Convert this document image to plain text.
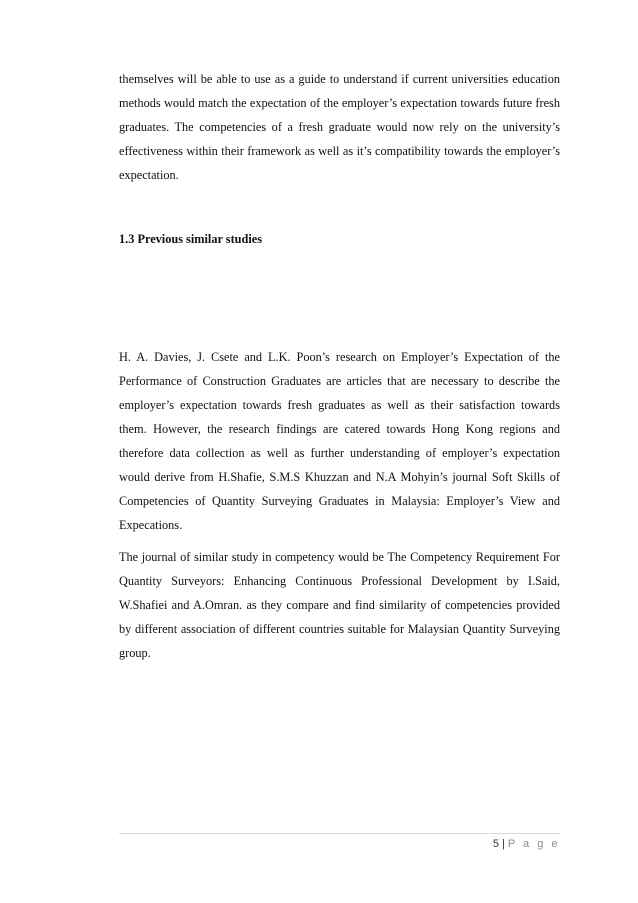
themselves will be able to use as a guide to understand if current universities education methods would match the expectation of the employer’s expectation towards future fresh graduates. The competencies of a fresh graduate would now rely on the university’s effectiveness within their framework as well as it’s compatibility towards the employer’s expectation.

1.3 Previous similar studies

H. A. Davies, J. Csete and L.K. Poon’s research on Employer’s Expectation of the Performance of Construction Graduates are articles that are necessary to describe the employer’s expectation towards fresh graduates as well as their satisfaction towards them. However, the research findings are catered towards Hong Kong regions and therefore data collection as well as further understanding of employer’s expectation would derive from H.Shafie, S.M.S Khuzzan and N.A Mohyin’s journal Soft Skills of Competencies of Quantity Surveying Graduates in Malaysia: Employer’s View and Expecations.

The journal of similar study in competency would be The Competency Requirement For Quantity Surveyors: Enhancing Continuous Professional Development by I.Said, W.Shafiei and A.Omran. as they compare and find similarity of competencies provided by different association of different countries suitable for Malaysian Quantity Surveying group.

5 | P a g e
